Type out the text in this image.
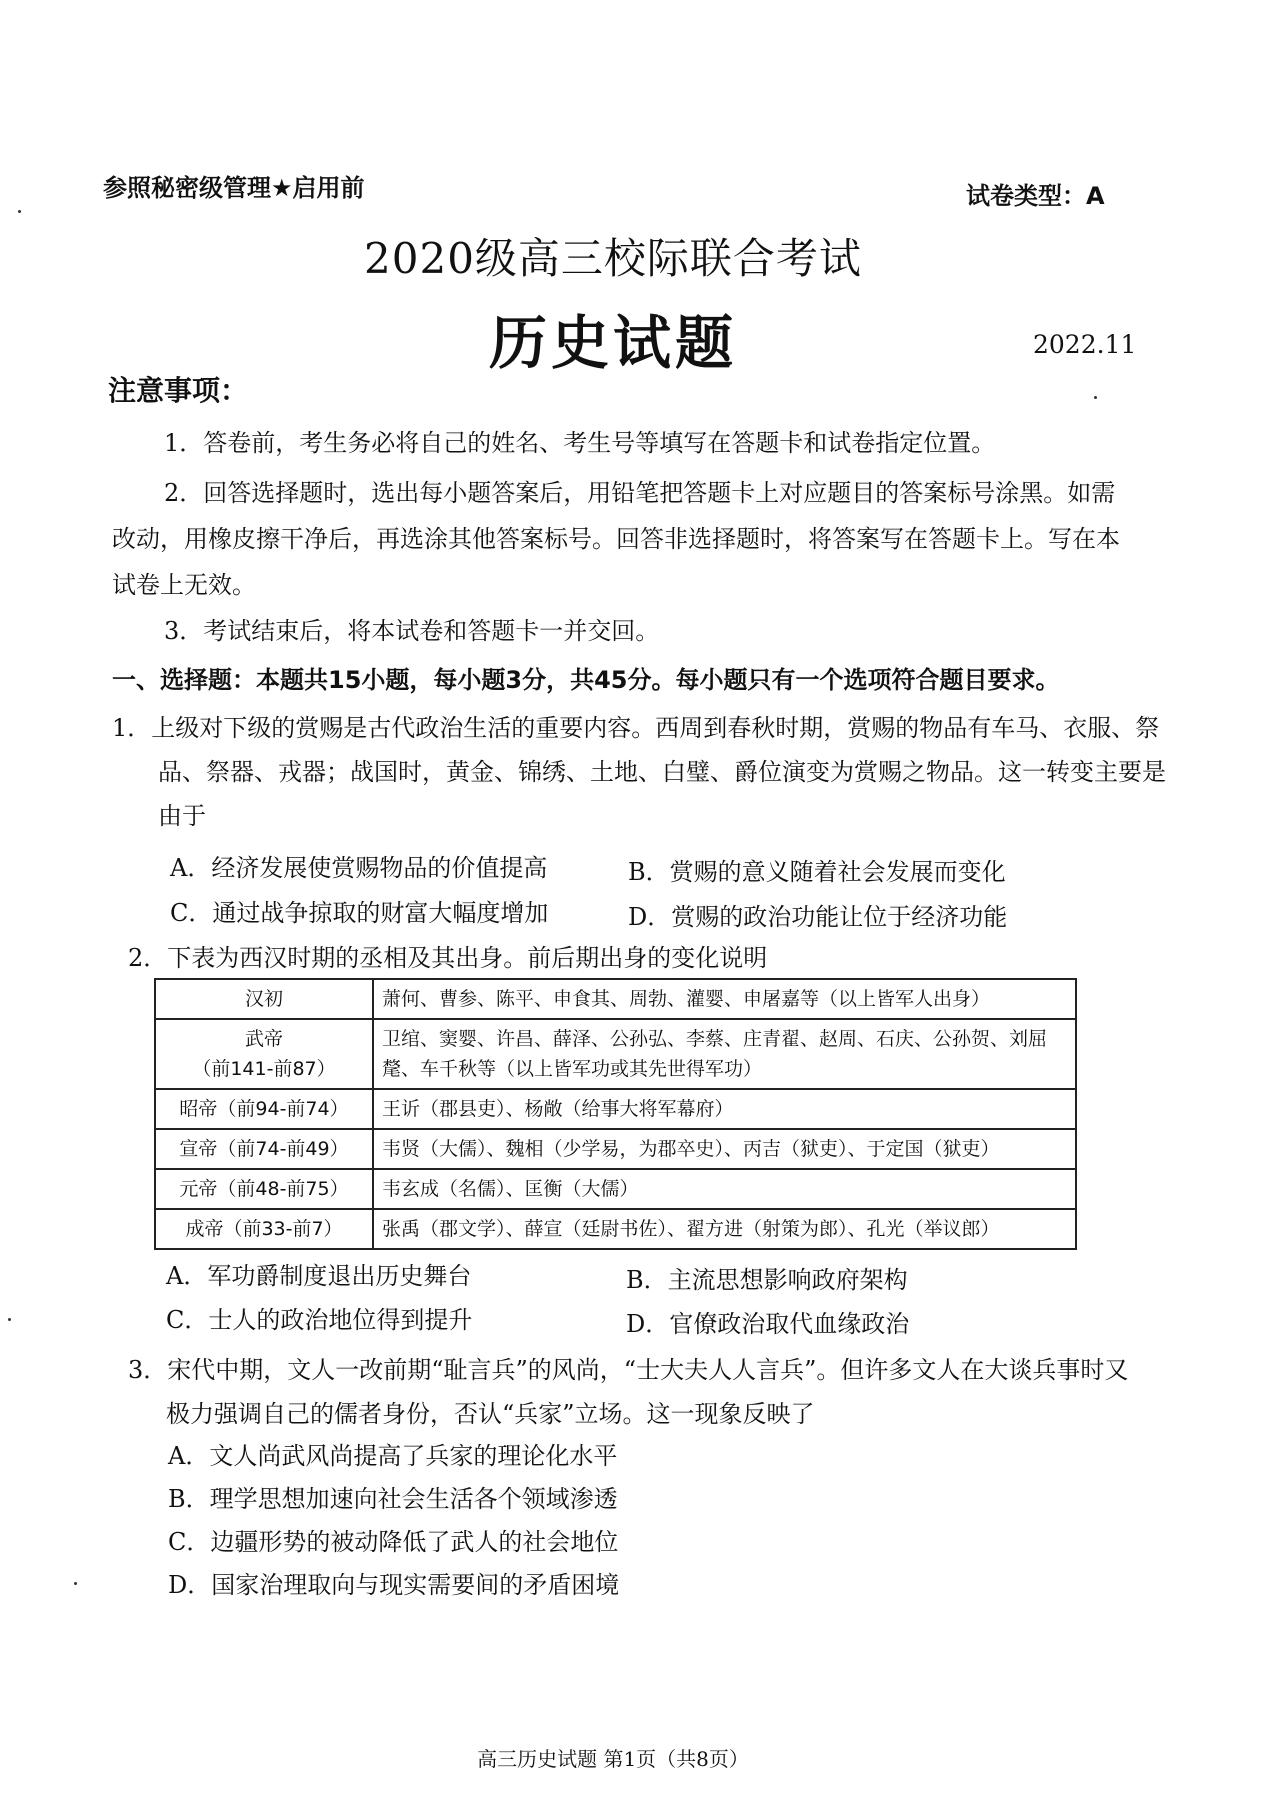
参照秘密级管理★启用前	试卷类型：A
2020级高三校际联合考试
历史试题	2022.11
注意事项：
1．答卷前，考生务必将自己的姓名、考生号等填写在答题卡和试卷指定位置。
2．回答选择题时，选出每小题答案后，用铅笔把答题卡上对应题目的答案标号涂黑。如需改动，用橡皮擦干净后，再选涂其他答案标号。回答非选择题时，将答案写在答题卡上。写在本试卷上无效。
3．考试结束后，将本试卷和答题卡一并交回。
一、选择题：本题共15小题，每小题3分，共45分。每小题只有一个选项符合题目要求。
1．上级对下级的赏赐是古代政治生活的重要内容。西周到春秋时期，赏赐的物品有车马、衣服、祭品、祭器、戎器；战国时，黄金、锦绣、土地、白璧、爵位演变为赏赐之物品。这一转变主要是由于
A．经济发展使赏赐物品的价值提高	B．赏赐的意义随着社会发展而变化
C．通过战争掠取的财富大幅度增加	D．赏赐的政治功能让位于经济功能
2．下表为西汉时期的丞相及其出身。前后期出身的变化说明
汉初	萧何、曹参、陈平、申食其、周勃、灌婴、申屠嘉等（以上皆军人出身）

武帝
（前141-前87）	卫绾、窦婴、许昌、薛泽、公孙弘、李蔡、庄青翟、赵周、石庆、公孙贺、刘屈氂、车千秋等（以上皆军功或其先世得军功）
昭帝（前94-前74）	王䜣（郡县吏）、杨敞（给事大将军幕府）
宣帝（前74-前49）	韦贤（大儒）、魏相（少学易，为郡卒史）、丙吉（狱吏）、于定国（狱吏）
元帝（前48-前75）	韦玄成（名儒）、匡衡（大儒）
成帝（前33-前7）	张禹（郡文学）、薛宣（廷尉书佐）、翟方进（射策为郎）、孔光（举议郎）
A．军功爵制度退出历史舞台	B．主流思想影响政府架构
C．士人的政治地位得到提升	D．官僚政治取代血缘政治
3．宋代中期，文人一改前期“耻言兵”的风尚，“士大夫人人言兵”。但许多文人在大谈兵事时又极力强调自己的儒者身份，否认“兵家”立场。这一现象反映了
A．文人尚武风尚提高了兵家的理论化水平
B．理学思想加速向社会生活各个领域渗透
C．边疆形势的被动降低了武人的社会地位
D．国家治理取向与现实需要间的矛盾困境
高三历史试题 第1页（共8页）
